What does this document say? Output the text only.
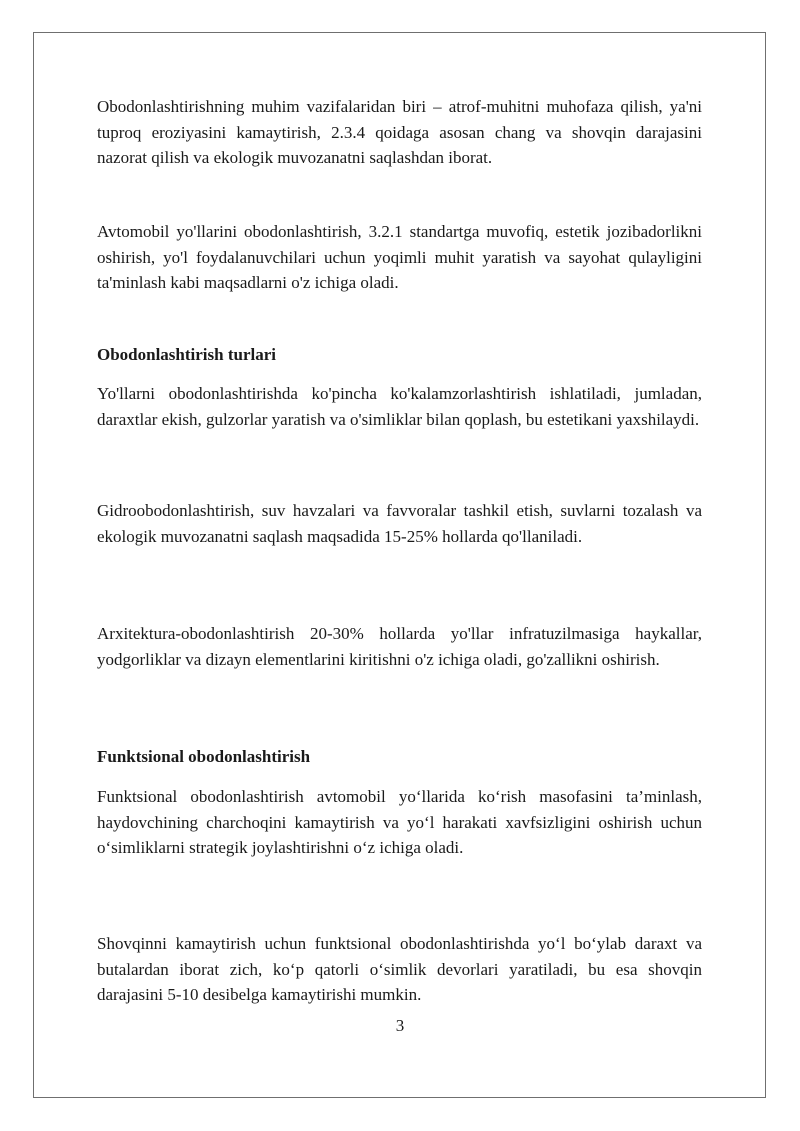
Obodonlashtirishning muhim vazifalaridan biri – atrof-muhitni muhofaza qilish, ya'ni tuproq eroziyasini kamaytirish, 2.3.4 qoidaga asosan chang va shovqin darajasini nazorat qilish va ekologik muvozanatni saqlashdan iborat.

Avtomobil yo'llarini obodonlashtirish, 3.2.1 standartga muvofiq, estetik jozibadorlikni oshirish, yo'l foydalanuvchilari uchun yoqimli muhit yaratish va sayohat qulayligini ta'minlash kabi maqsadlarni o'z ichiga oladi.

Obodonlashtirish turlari

Yo'llarni obodonlashtirishda ko'pincha ko'kalamzorlashtirish ishlatiladi, jumladan, daraxtlar ekish, gulzorlar yaratish va o'simliklar bilan qoplash, bu estetikani yaxshilaydi.

Gidroobodonlashtirish, suv havzalari va favvoralar tashkil etish, suvlarni tozalash va ekologik muvozanatni saqlash maqsadida 15-25% hollarda qo'llaniladi.

Arxitektura-obodonlashtirish 20-30% hollarda yo'llar infratuzilmasiga haykallar, yodgorliklar va dizayn elementlarini kiritishni o'z ichiga oladi, go'zallikni oshirish.

Funktsional obodonlashtirish

Funktsional obodonlashtirish avtomobil yo‘llarida ko‘rish masofasini ta’minlash, haydovchining charchoqini kamaytirish va yo‘l harakati xavfsizligini oshirish uchun o‘simliklarni strategik joylashtirishni o‘z ichiga oladi.

Shovqinni kamaytirish uchun funktsional obodonlashtirishda yo‘l bo‘ylab daraxt va butalardan iborat zich, ko‘p qatorli o‘simlik devorlari yaratiladi, bu esa shovqin darajasini 5-10 desibelga kamaytirishi mumkin.

3
